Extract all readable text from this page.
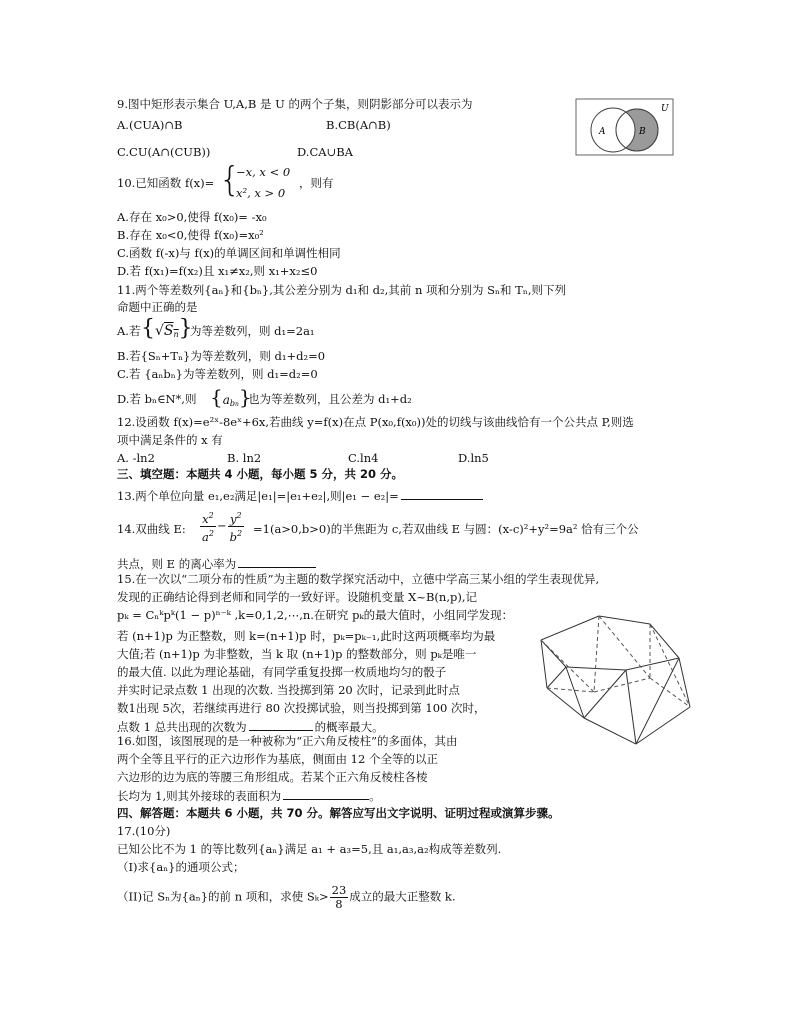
9.图中矩形表示集合 U,A,B 是 U 的两个子集，则阴影部分可以表示为
A.(CUA)∩B	B.CB(A∩B)
C.CU(A∩(CUB))	D.CA∪BA
U
A	B
10.已知函数 f(x)= {
−x, x < 0
x², x > 0
，则有
A.存在 x₀>0,使得 f(x₀)= -x₀
B.存在 x₀<0,使得 f(x₀)=x₀²
C.函数 f(-x)与 f(x)的单调区间和单调性相同
D.若 f(x₁)=f(x₂)且 x₁≠x₂,则 x₁+x₂≤0
11.两个等差数列{aₙ}和{bₙ},其公差分别为 d₁和 d₂,其前 n 项和分别为 Sₙ和 Tₙ,则下列
命题中正确的是
A.若 $\{√S_n\}$
为等差数列，则 d₁=2a₁
B.若{Sₙ+Tₙ}为等差数列，则 d₁+d₂=0
C.若 {aₙbₙ}为等差数列，则 d₁=d₂=0
D.若 bₙ∈N*,则 $\{a_{bn}\}$
也为等差数列，且公差为 d₁+d₂
12.设函数 f(x)=e²ˣ-8eˣ+6x,若曲线 y=f(x)在点 P(x₀,f(x₀))处的切线与该曲线恰有一个公共点 P,则选
项中满足条件的 x 有
A. -ln2	B. ln2	C.ln4	D.ln5
三、填空题：本题共 4 小题，每小题 5 分，共 20 分。
13.两个单位向量 e₁,e₂满足|e₁|=|e₁+e₂|,则|e₁ − e₂|=
14.双曲线 E: $\frac{x^2}{a^2} - \frac{y^2}{b^2} =1(a>0,b>0)$的半焦距为 c,若双曲线 E 与圆：(x-c)²+y²=9a² 恰有三个公
共点，则 E 的离心率为
15.在一次以“二项分布的性质”为主题的数学探究活动中，立德中学高三某小组的学生表现优异,
发现的正确结论得到老师和同学的一致好评。设随机变量 X~B(n,p),记
pₖ = Cₙᵏpᵏ(1 − p)ⁿ⁻ᵏ ,k=0,1,2,⋯,n.在研究 pₖ的最大值时，小组同学发现：
若 (n+1)p 为正整数，则 k=(n+1)p 时，pₖ=pₖ₋₁,此时这两项概率均为最
大值;若 (n+1)p 为非整数，当 k 取 (n+1)p 的整数部分，则 pₖ是唯一
的最大值. 以此为理论基础，有同学重复投掷一枚质地均匀的骰子
并实时记录点数 1 出现的次数. 当投掷到第 20 次时，记录到此时点
数1出现 5次，若继续再进行 80 次投掷试验，则当投掷到第 100 次时，
点数 1 总共出现的次数为	的概率最大。
16.如图，该图展现的是一种被称为“正六角反棱柱”的多面体，其由
两个全等且平行的正六边形作为基底，侧面由 12 个全等的以正
六边形的边为底的等腰三角形组成。若某个正六角反棱柱各棱
长均为 1,则其外接球的表面积为	。
四、解答题：本题共 6 小题，共 70 分。解答应写出文字说明、证明过程或演算步骤。
17.(10分)
已知公比不为 1 的等比数列{aₙ}满足 a₁ + a₃=5,且 a₁,a₃,a₂构成等差数列.
（I)求{aₙ}的通项公式；
（II)记 Sₙ为{aₙ}的前 n 项和，求使 $S_k> \frac{23}{8}$ 成立的最大正整数 k.
